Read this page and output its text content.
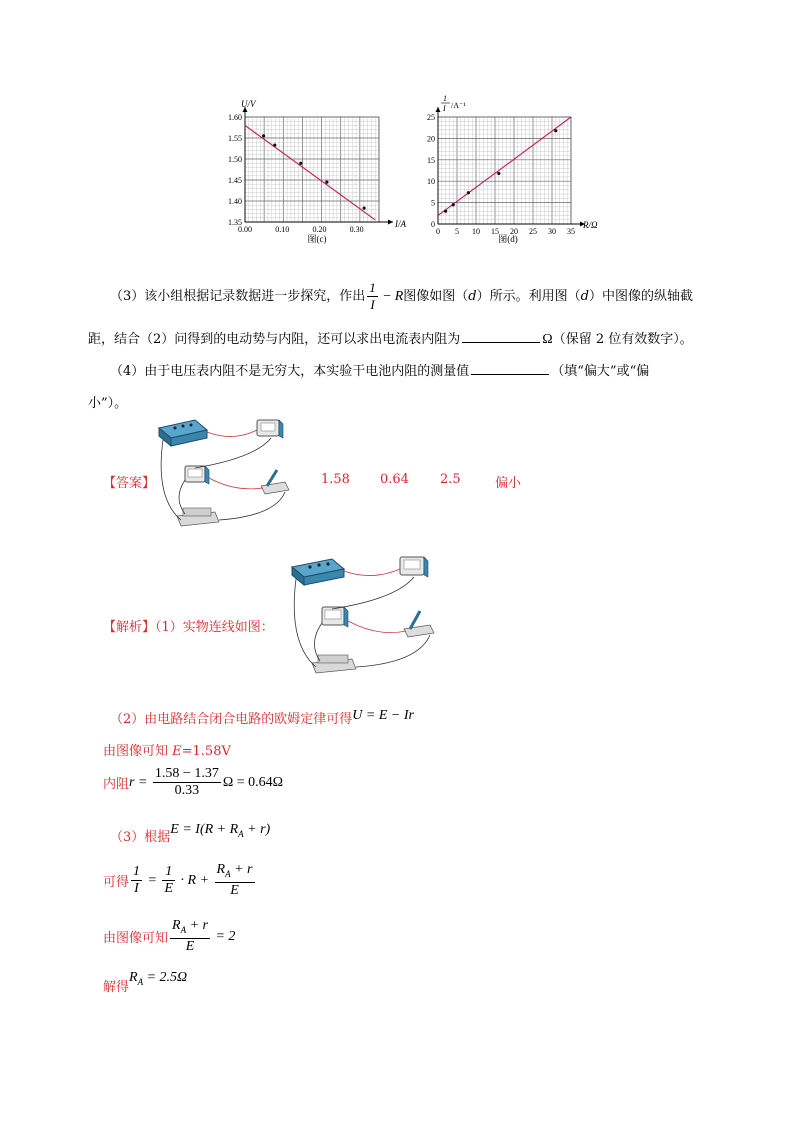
0.00	0.10	0.20	0.30
1.60
1.55
1.50
1.45
1.40
1.35
U/V
I/A
图(c)
0 5 10 15 20 25 30 35
25
20
15
10
5
0
1
I /A⁻¹
R/Ω
图(d)
（3）该小组根据记录数据进一步探究，作出 $\frac{1}{I} - R$图像如图（d）所示。利用图（d）中图像的纵轴截
距，结合（2）问得到的电动势与内阻，还可以求出电流表内阻为	Ω（保留 2 位有效数字）。
（4）由于电压表内阻不是无穷大，本实验干电池内阻的测量值	（填“偏大”或“偏
小”）。
【答案】	1.58 0.64 2.5	偏小
【解析】（1）实物连线如图：
（2）由电路结合闭合电路的欧姆定律可得U = E − Ir
由图像可知 E=1.58V
内阻$r = \frac{1.58 - 1.37}{0.33}$ Ω = 0.64Ω
（3）根据$E = I(R + R_A + r)$
可得 $\frac{1}{I} = \frac{1}{E} \cdot R + \frac{R_A + r}{E}$
由图像可知 $\frac{R_A + r}{E} = 2$
解得$R_A = 2.5\Omega$
